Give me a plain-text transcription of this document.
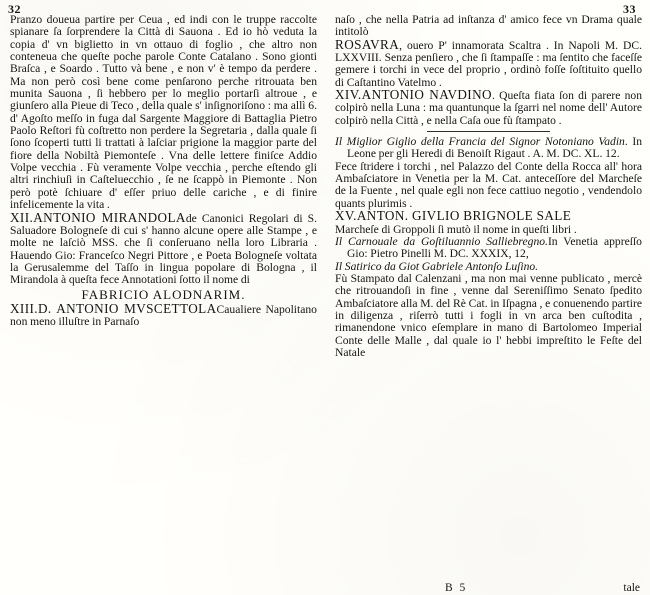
32	33

Pranzo doueua partire per Ceua , ed indi con le truppe raccolte spianare ſa ſorprendere la Città di Sauona . Ed io hò veduta la copia d' vn biglietto in vn ottauo di foglio , che altro non conteneua che queſte poche parole Conte Catalano . Sono gionti Braſca , e Soardo . Tutto và bene , e non v' è tempo da perdere . Ma non però così bene come penſarono perche ritrouata ben munita Sauona , ſi hebbero per lo meglio portarſi altroue , e giunſero alla Pieue di Teco , della quale s' inſignoriſono : ma allì 6. d' Agoſto meſſo in fuga dal Sargente Maggiore di Battaglia Pietro Paolo Reſtori fù coſtretto non perdere la Segretaria , dalla quale ſi ſono ſcoperti tutti li trattati à laſciar prigione la maggior parte del fiore della Nobiltà Piemonteſe . Vna delle lettere finiſce Addio Volpe vecchia . Fù veramente Volpe vecchia , perche eſtendo gli altri rinchiuſi in Caſteluecchio , ſe ne ſcappò in Piemonte . Non però potè ſchiuare d' eſſer priuo delle cariche , e di finire infelicemente la vita .

XII.ANTONIO MIRANDOLAde Canonici Regolari di S. Saluadore Bologneſe di cui s' hanno alcune opere alle Stampe , e molte ne laſciò MSS. che ſi conſeruano nella loro Libraria . Hauendo Gio: Franceſco Negri Pittore , e Poeta Bologneſe voltata la Gerusalemme del Taſſo in lingua popolare di Bologna , il Mirandola à queſta fece Annotationi ſotto il nome di

FABRICIO ALODNARIM.

XIII.D. ANTONIO MVSCETTOLACaualiere Napolitano non meno illuſtre in Parnaſo

naſo , che nella Patria ad inſtanza d' amico fece vn Drama quale intitolò

ROSAVRA, ouero P' innamorata Scaltra . In Napoli M. DC. LXXVIII. Senza penſiero , che ſi ſtampaſſe : ma ſentito che faceſſe gemere i torchi in vece del proprio , ordinò foſſe ſoſtituito quello di Caſtantino Vatelmo .

XIV.ANTONIO NAVDINO. Queſta fiata ſon di parere non colpirò nella Luna : ma quantunque la ſgarri nel nome dell' Autore colpirò nella Città , e nella Caſa oue fù ſtampato .

Il Miglior Giglio della Francia del Signor Notoniano Vadin. In Leone per gli Heredi di Benoiſt Rigaut . A. M. DC. XL. 12.

Fece ſtridere i torchi , nel Palazzo del Conte della Rocca all' hora Ambaſciatore in Venetia per la M. Cat. anteceſſore del Marcheſe de la Fuente , nel quale egli non fece cattiuo negotio , vendendolo quants plurimis .

XV.ANTON. GIVLIO BRIGNOLE SALE
Marcheſe di Groppoli ſi mutò il nome in queſti libri .

Il Carnouale da Goſtiluannio Salliebregno.In Venetia appreſſo Gio: Pietro Pinelli M. DC. XXXIX, 12,

Il Satirico da Giot Gabriele Antonſo Luſino.

Fù Stampato dal Calenzani , ma non mai venne publicato , mercè che ritrouandoſi in fine , venne dal Sereniſſimo Senato ſpedito Ambaſciatore alla M. del Rè Cat. in Iſpagna , e conuenendo partire in diligenza , riſerrò tutti i fogli in vn arca ben cuſtodita , rimanendone vnico eſemplare in mano di Bartolomeo Imperial Conte delle Malle , dal quale io l' hebbi impreſtito le Feſte del Natale

B 5	tale
